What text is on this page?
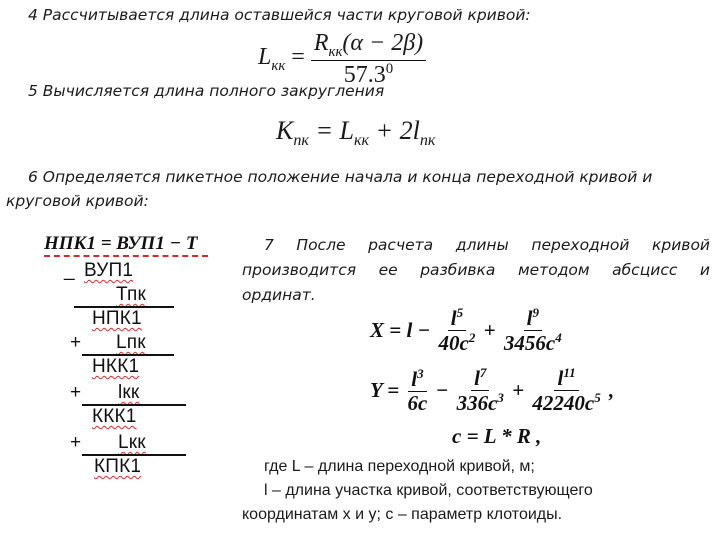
4 Рассчитывается длина оставшейся части круговой кривой:
$L_{кк} = \frac{R_{кк}(\alpha - 2\beta)}{57.3^0}$
5 Вычисляется длина полного закругления
$K_{пк} = L_{кк} + 2l_{пк}$
6 Определяется пикетное положение начала и конца переходной кривой и
круговой кривой:
НПК1 = ВУП1 − Т
_ ВУП1
Тпк
НПК1
+ Lпк
НКК1
+ lкк
ККК1
+ Lкк
КПК1
7 После расчета длины переходной кривой
производится ее разбивка методом абсцисс и
ординат.
$X = l - \frac{l^5}{40c^2} + \frac{l^9}{3456c^4}$
$Y = \frac{l^3}{6c} - \frac{l^7}{336c^3} + \frac{l^{11}}{42240c^5}$ ,
c = L * R ,
где L – длина переходной кривой, м;
l – длина участка кривой, соответствующего
координатам x и y; c – параметр клотоиды.
